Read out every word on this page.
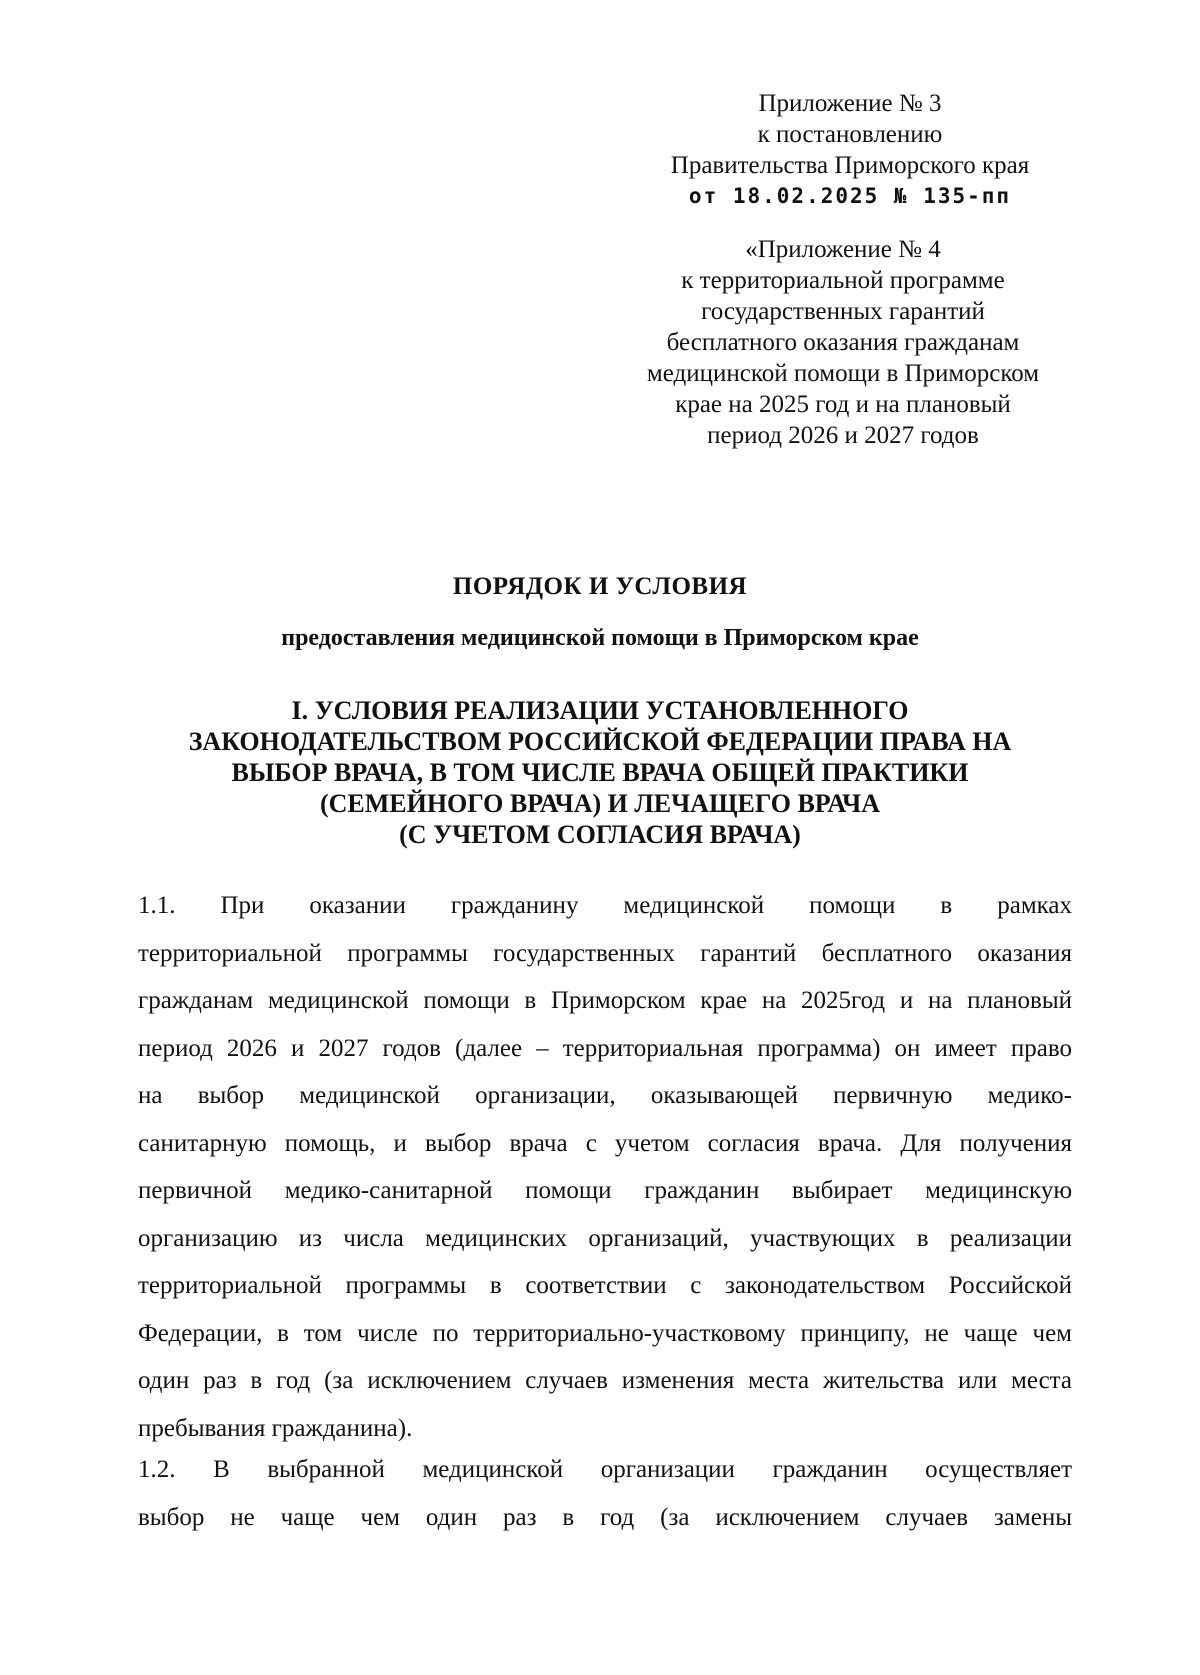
Приложение № 3
к постановлению
Правительства Приморского края
от 18.02.2025 № 135-пп
«Приложение № 4
к территориальной программе
государственных гарантий
бесплатного оказания гражданам
медицинской помощи в Приморском
крае на 2025 год и на плановый
период 2026 и 2027 годов
ПОРЯДОК И УСЛОВИЯ
предоставления медицинской помощи в Приморском крае
I. УСЛОВИЯ РЕАЛИЗАЦИИ УСТАНОВЛЕННОГО
ЗАКОНОДАТЕЛЬСТВОМ РОССИЙСКОЙ ФЕДЕРАЦИИ ПРАВА НА
ВЫБОР ВРАЧА, В ТОМ ЧИСЛЕ ВРАЧА ОБЩЕЙ ПРАКТИКИ
(СЕМЕЙНОГО ВРАЧА) И ЛЕЧАЩЕГО ВРАЧА
(С УЧЕТОМ СОГЛАСИЯ ВРАЧА)
1.1. При оказании гражданину медицинской помощи в рамках
территориальной программы государственных гарантий бесплатного оказания
гражданам медицинской помощи в Приморском крае на 2025год и на плановый
период 2026 и 2027 годов (далее – территориальная программа) он имеет право
на выбор медицинской организации, оказывающей первичную медико-
санитарную помощь, и выбор врача с учетом согласия врача. Для получения
первичной медико-санитарной помощи гражданин выбирает медицинскую
организацию из числа медицинских организаций, участвующих в реализации
территориальной программы в соответствии с законодательством Российской
Федерации, в том числе по территориально-участковому принципу, не чаще чем
один раз в год (за исключением случаев изменения места жительства или места
пребывания гражданина).
1.2. В выбранной медицинской организации гражданин осуществляет
выбор не чаще чем один раз в год (за исключением случаев замены
